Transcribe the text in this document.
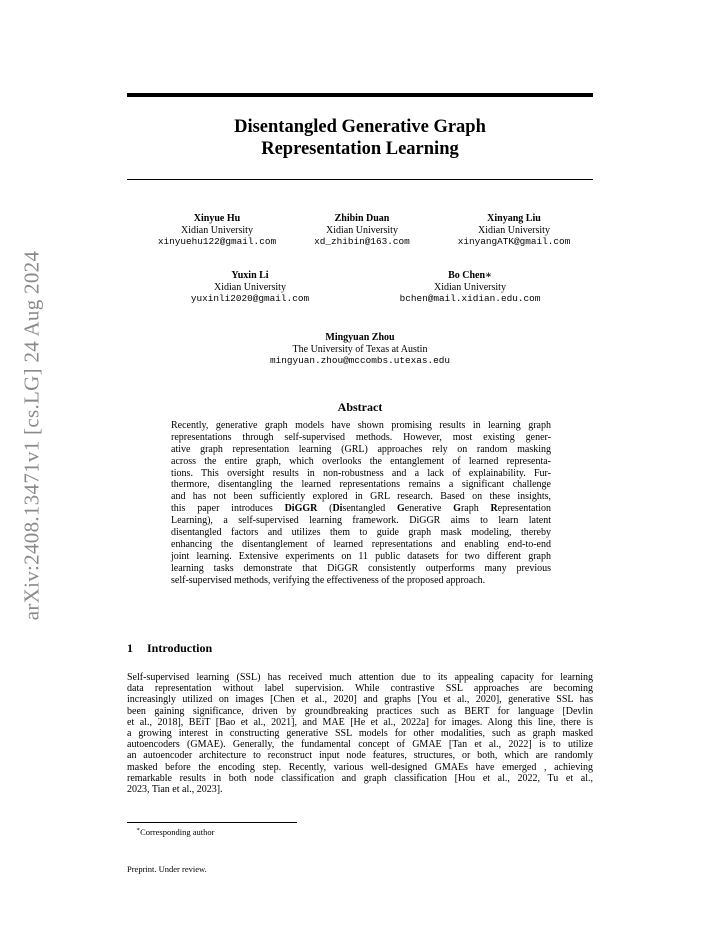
arXiv:2408.13471v1 [cs.LG] 24 Aug 2024
Disentangled Generative Graph
Representation Learning
Xinyue Hu
Xidian University
xinyuehu122@gmail.com
Zhibin Duan
Xidian University
xd_zhibin@163.com
Xinyang Liu
Xidian University
xinyangATK@gmail.com
Yuxin Li
Xidian University
yuxinli2020@gmail.com
Bo Chen∗
Xidian University
bchen@mail.xidian.edu.com
Mingyuan Zhou
The University of Texas at Austin
mingyuan.zhou@mccombs.utexas.edu
Abstract
Recently, generative graph models have shown promising results in learning graph
representations through self-supervised methods. However, most existing gener-
ative graph representation learning (GRL) approaches rely on random masking
across the entire graph, which overlooks the entanglement of learned representa-
tions. This oversight results in non-robustness and a lack of explainability. Fur-
thermore, disentangling the learned representations remains a significant challenge
and has not been sufficiently explored in GRL research. Based on these insights,
this paper introduces DiGGR (Disentangled Generative Graph Representation
Learning), a self-supervised learning framework. DiGGR aims to learn latent
disentangled factors and utilizes them to guide graph mask modeling, thereby
enhancing the disentanglement of learned representations and enabling end-to-end
joint learning. Extensive experiments on 11 public datasets for two different graph
learning tasks demonstrate that DiGGR consistently outperforms many previous
self-supervised methods, verifying the effectiveness of the proposed approach.
1 Introduction
Self-supervised learning (SSL) has received much attention due to its appealing capacity for learning
data representation without label supervision. While contrastive SSL approaches are becoming
increasingly utilized on images [Chen et al., 2020] and graphs [You et al., 2020], generative SSL has
been gaining significance, driven by groundbreaking practices such as BERT for language [Devlin
et al., 2018], BEiT [Bao et al., 2021], and MAE [He et al., 2022a] for images. Along this line, there is
a growing interest in constructing generative SSL models for other modalities, such as graph masked
autoencoders (GMAE). Generally, the fundamental concept of GMAE [Tan et al., 2022] is to utilize
an autoencoder architecture to reconstruct input node features, structures, or both, which are randomly
masked before the encoding step. Recently, various well-designed GMAEs have emerged , achieving
remarkable results in both node classification and graph classification [Hou et al., 2022, Tu et al.,
2023, Tian et al., 2023].
∗Corresponding author
Preprint. Under review.
